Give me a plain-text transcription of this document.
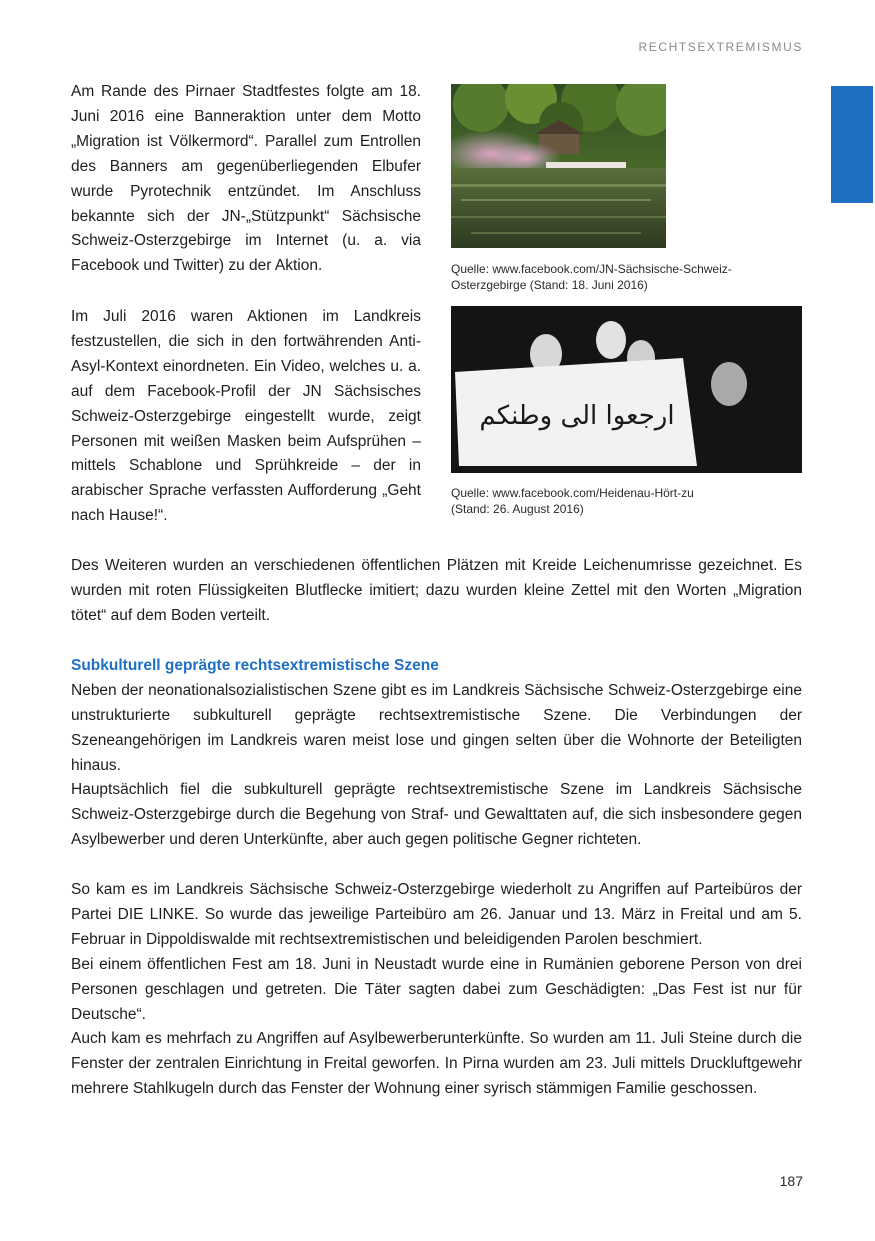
RECHTSEXTREMISMUS

Am Rande des Pirnaer Stadtfestes folgte am 18. Juni 2016 eine Banneraktion unter dem Motto „Migration ist Völkermord“. Parallel zum Entrollen des Banners am gegenüberliegenden Elbufer wurde Pyrotechnik entzündet. Im Anschluss bekannte sich der JN-„Stützpunkt“ Sächsische Schweiz-Osterzgebirge im Internet (u. a. via Facebook und Twitter) zu der Aktion.	Quelle: www.facebook.com/JN-Sächsische-Schweiz-
Osterzgebirge (Stand: 18. Juni 2016)

Im Juli 2016 waren Aktionen im Landkreis festzustellen, die sich in den fortwährenden Anti-Asyl-Kontext einordneten. Ein Video, welches u. a. auf dem Facebook-Profil der JN Sächsisches Schweiz-Osterzgebirge eingestellt wurde, zeigt Personen mit weißen Masken beim Aufsprühen – mittels Schablone und Sprühkreide – der in arabischer Sprache verfassten Aufforderung „Geht nach Hause!“.

ارجعوا الى وطنكم

Quelle: www.facebook.com/Heidenau-Hört-zu
(Stand: 26. August 2016)

Des Weiteren wurden an verschiedenen öffentlichen Plätzen mit Kreide Leichenumrisse gezeichnet. Es wurden mit roten Flüssigkeiten Blutflecke imitiert; dazu wurden kleine Zettel mit den Worten „Migration tötet“ auf dem Boden verteilt.

Subkulturell geprägte rechtsextremistische Szene

Neben der neonationalsozialistischen Szene gibt es im Landkreis Sächsische Schweiz-Osterzgebirge eine unstrukturierte subkulturell geprägte rechtsextremistische Szene. Die Verbindungen der Szeneangehörigen im Landkreis waren meist lose und gingen selten über die Wohnorte der Beteiligten hinaus.

Hauptsächlich fiel die subkulturell geprägte rechtsextremistische Szene im Landkreis Sächsische Schweiz-Osterzgebirge durch die Begehung von Straf- und Gewalttaten auf, die sich insbesondere gegen Asylbewerber und deren Unterkünfte, aber auch gegen politische Gegner richteten.

So kam es im Landkreis Sächsische Schweiz-Osterzgebirge wiederholt zu Angriffen auf Parteibüros der Partei DIE LINKE. So wurde das jeweilige Parteibüro am 26. Januar und 13. März in Freital und am 5. Februar in Dippoldiswalde mit rechtsextremistischen und beleidigenden Parolen beschmiert.
Bei einem öffentlichen Fest am 18. Juni in Neustadt wurde eine in Rumänien geborene Person von drei Personen geschlagen und getreten. Die Täter sagten dabei zum Geschädigten: „Das Fest ist nur für Deutsche“.
Auch kam es mehrfach zu Angriffen auf Asylbewerberunterkünfte. So wurden am 11. Juli Steine durch die Fenster der zentralen Einrichtung in Freital geworfen. In Pirna wurden am 23. Juli mittels Druckluftgewehr mehrere Stahlkugeln durch das Fenster der Wohnung einer syrisch stämmigen Familie geschossen.
187
